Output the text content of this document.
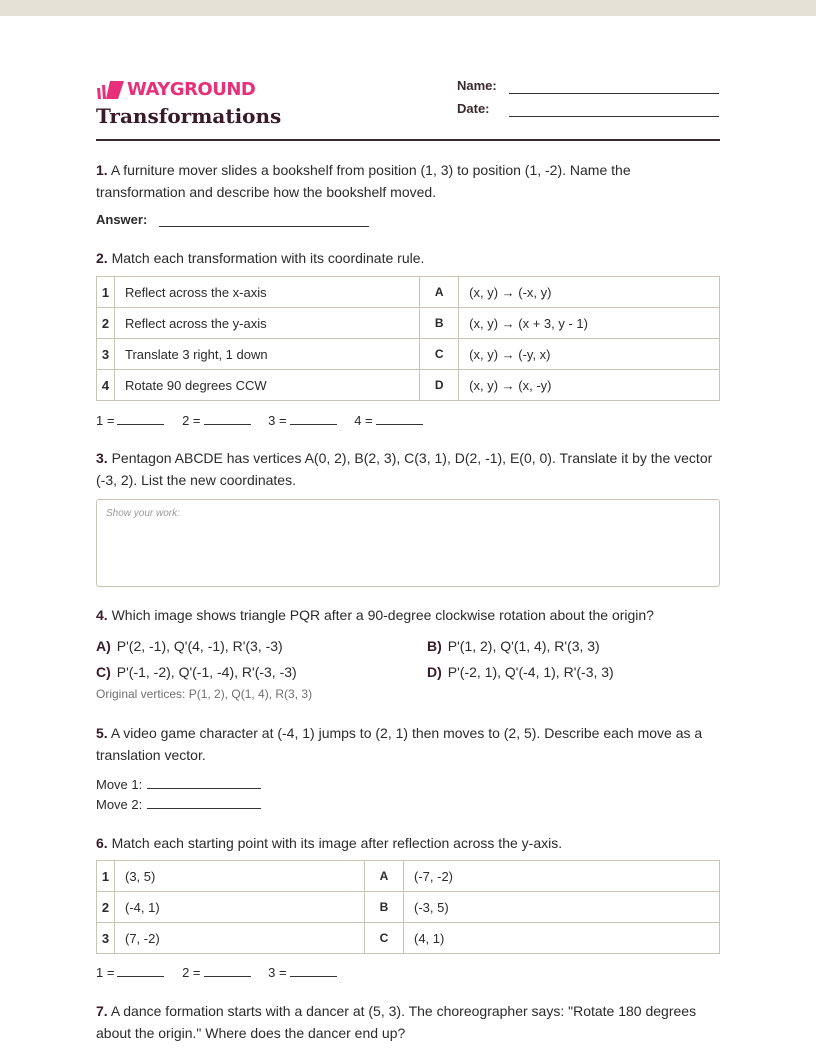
WAYGROUND
Transformations
Name:
Date:
1. A furniture mover slides a bookshelf from position (1, 3) to position (1, -2). Name the transformation and describe how the bookshelf moved.
Answer:
2. Match each transformation with its coordinate rule.
1	Reflect across the x-axis	A	(x, y) → (-x, y)
2	Reflect across the y-axis	B	(x, y) → (x + 3, y - 1)
3	Translate 3 right, 1 down	C	(x, y) → (-y, x)
4	Rotate 90 degrees CCW	D	(x, y) → (x, -y)
1 =	2 =	3 =	4 =
3. Pentagon ABCDE has vertices A(0, 2), B(2, 3), C(3, 1), D(2, -1), E(0, 0). Translate it by the vector (-3, 2). List the new coordinates.
Show your work:
4. Which image shows triangle PQR after a 90-degree clockwise rotation about the origin?
A) P'(2, -1), Q'(4, -1), R'(3, -3)	B) P'(1, 2), Q'(1, 4), R'(3, 3)
C) P'(-1, -2), Q'(-1, -4), R'(-3, -3)	D) P'(-2, 1), Q'(-4, 1), R'(-3, 3)
Original vertices: P(1, 2), Q(1, 4), R(3, 3)
5. A video game character at (-4, 1) jumps to (2, 1) then moves to (2, 5). Describe each move as a translation vector.
Move 1:
Move 2:
6. Match each starting point with its image after reflection across the y-axis.
1	(3, 5)	A	(-7, -2)
2	(-4, 1)	B	(-3, 5)
3	(7, -2)	C	(4, 1)
1 =	2 =	3 =
7. A dance formation starts with a dancer at (5, 3). The choreographer says: "Rotate 180 degrees about the origin." Where does the dancer end up?
